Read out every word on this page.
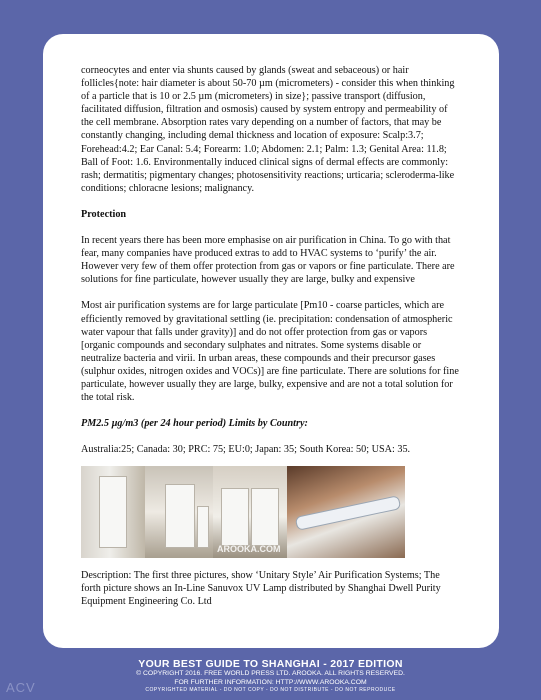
corneocytes and enter via shunts caused by glands (sweat and sebaceous) or hair follicles{note: hair diameter is about 50-70 µm (micrometers) - consider this when thinking of a particle that is 10 or 2.5 µm (micrometers) in size}; passive transport (diffusion, facilitated diffusion, filtration and osmosis) caused by system entropy and permeability of the cell membrane. Absorption rates vary depending on a number of factors, that may be constantly changing, including demal thickness and location of exposure: Scalp:3.7; Forehead:4.2; Ear Canal: 5.4; Forearm: 1.0; Abdomen: 2.1; Palm: 1.3; Genital Area: 11.8; Ball of Foot: 1.6. Environmentally induced clinical signs of dermal effects are commonly: rash; dermatitis; pigmentary changes; photosensitivity reactions; urticaria; scleroderma-like conditions; chloracne lesions; malignancy.

Protection

In recent years there has been more emphasise on air purification in China. To go with that fear, many companies have produced extras to add to HVAC systems to ‘purify’ the air. However very few of them offer protection from gas or vapors or fine particulate. There are solutions for fine particulate, however usually they are large, bulky and expensive

Most air purification systems are for large particulate [Pm10 - coarse particles, which are efficiently removed by gravitational settling (ie. precipitation: condensation of atmospheric water vapour that falls under gravity)] and do not offer protection from gas or vapors [organic compounds and secondary sulphates and nitrates. Some systems disable or neutralize bacteria and virii. In urban areas, these compounds and their precursor gases (sulphur oxides, nitrogen oxides and VOCs)] are fine particulate. There are solutions for fine particulate, however usually they are large, bulky, expensive and are not a total solution for the total risk.

PM2.5 µg/m3 (per 24 hour period) Limits by Country:

Australia:25; Canada: 30; PRC: 75; EU:0; Japan: 35; South Korea: 50; USA: 35.

AROOKA.COM

Description: The first three pictures, show ‘Unitary Style’ Air Purification Systems; The forth picture shows an In-Line Sanuvox UV Lamp distributed by Shanghai Dwell Purity Equipment Engineering Co. Ltd

YOUR BEST GUIDE TO SHANGHAI - 2017 EDITION
© COPYRIGHT 2016. FREE WORLD PRESS LTD. AROOKA. ALL RIGHTS RESERVED.
FOR FURTHER INFORMATION: HTTP://WWW.AROOKA.COM
COPYRIGHTED MATERIAL - DO NOT COPY - DO NOT DISTRIBUTE - DO NOT REPRODUCE
ACV
